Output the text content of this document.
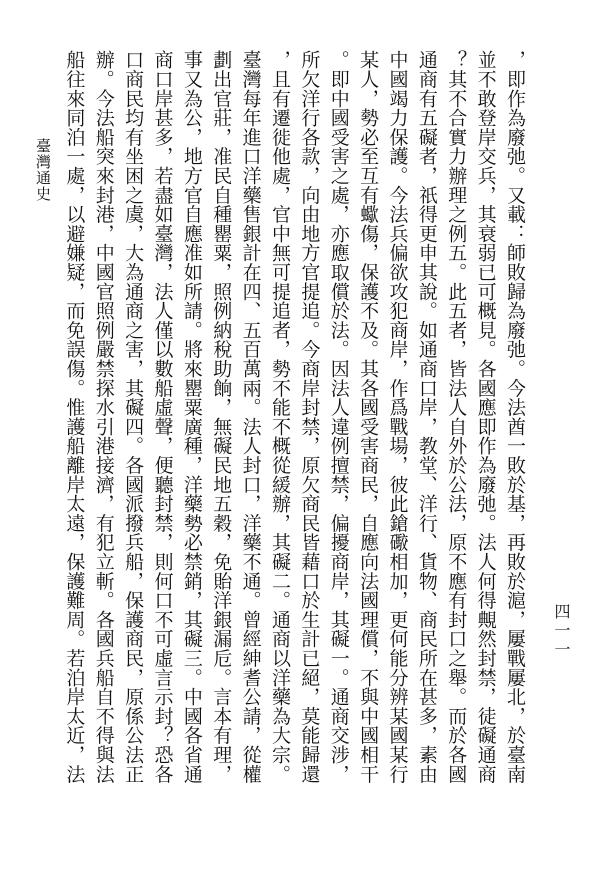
，即作為廢弛。又載：師敗歸為廢弛。今法酋一敗於基，再敗於滬，屢戰屢北，於臺南
並不敢登岸交兵，其衰弱已可概見。各國應即作為廢弛。法人何得覥然封禁，徒礙通商
？其不合實力辦理之例五。此五者，皆法人自外於公法，原不應有封口之舉。而於各國
通商有五礙者，祇得更申其說。如通商口岸，教堂、洋行、貨物、商民所在甚多，素由
中國竭力保護。今法兵偏欲攻犯商岸，作爲戰場，彼此鎗礮相加，更何能分辨某國某行
某人，勢必至互有蠍傷，保護不及。其各國受害商民，自應向法國理償，不與中國相干
。即中國受害之處，亦應取償於法。因法人違例擅禁，偏擾商岸，其礙一。通商交涉，
所欠洋行各款，向由地方官提追。今商岸封禁，原欠商民皆藉口於生計已絕，莫能歸還
，且有遷徙他處，官中無可提追者，勢不能不概從緩辦，其礙二。通商以洋藥為大宗。
臺灣每年進口洋藥售銀計在四、五百萬兩。法人封口，洋藥不通。曾經紳耆公請，從權
劃出官莊，准民自種罌粟，照例納稅助餉，無礙民地五穀，免貽洋銀漏卮。言本有理，
事又為公，地方官自應准如所請。將來罌粟廣種，洋藥勢必禁銷，其礙三。中國各省通
商口岸甚多，若盡如臺灣，法人僅以數船虛聲，便聽封禁，則何口不可虛言示封？恐各
口商民均有坐困之虞，大為通商之害，其礙四。各國派撥兵船，保護商民，原係公法正
辦。今法船突來封港，中國官照例嚴禁探水引港接濟，有犯立斬。各國兵船自不得與法
船往來同泊一處，以避嫌疑，而免誤傷。惟護船離岸太遠，保護難周。若泊岸太近，法
臺灣通史
四一一
